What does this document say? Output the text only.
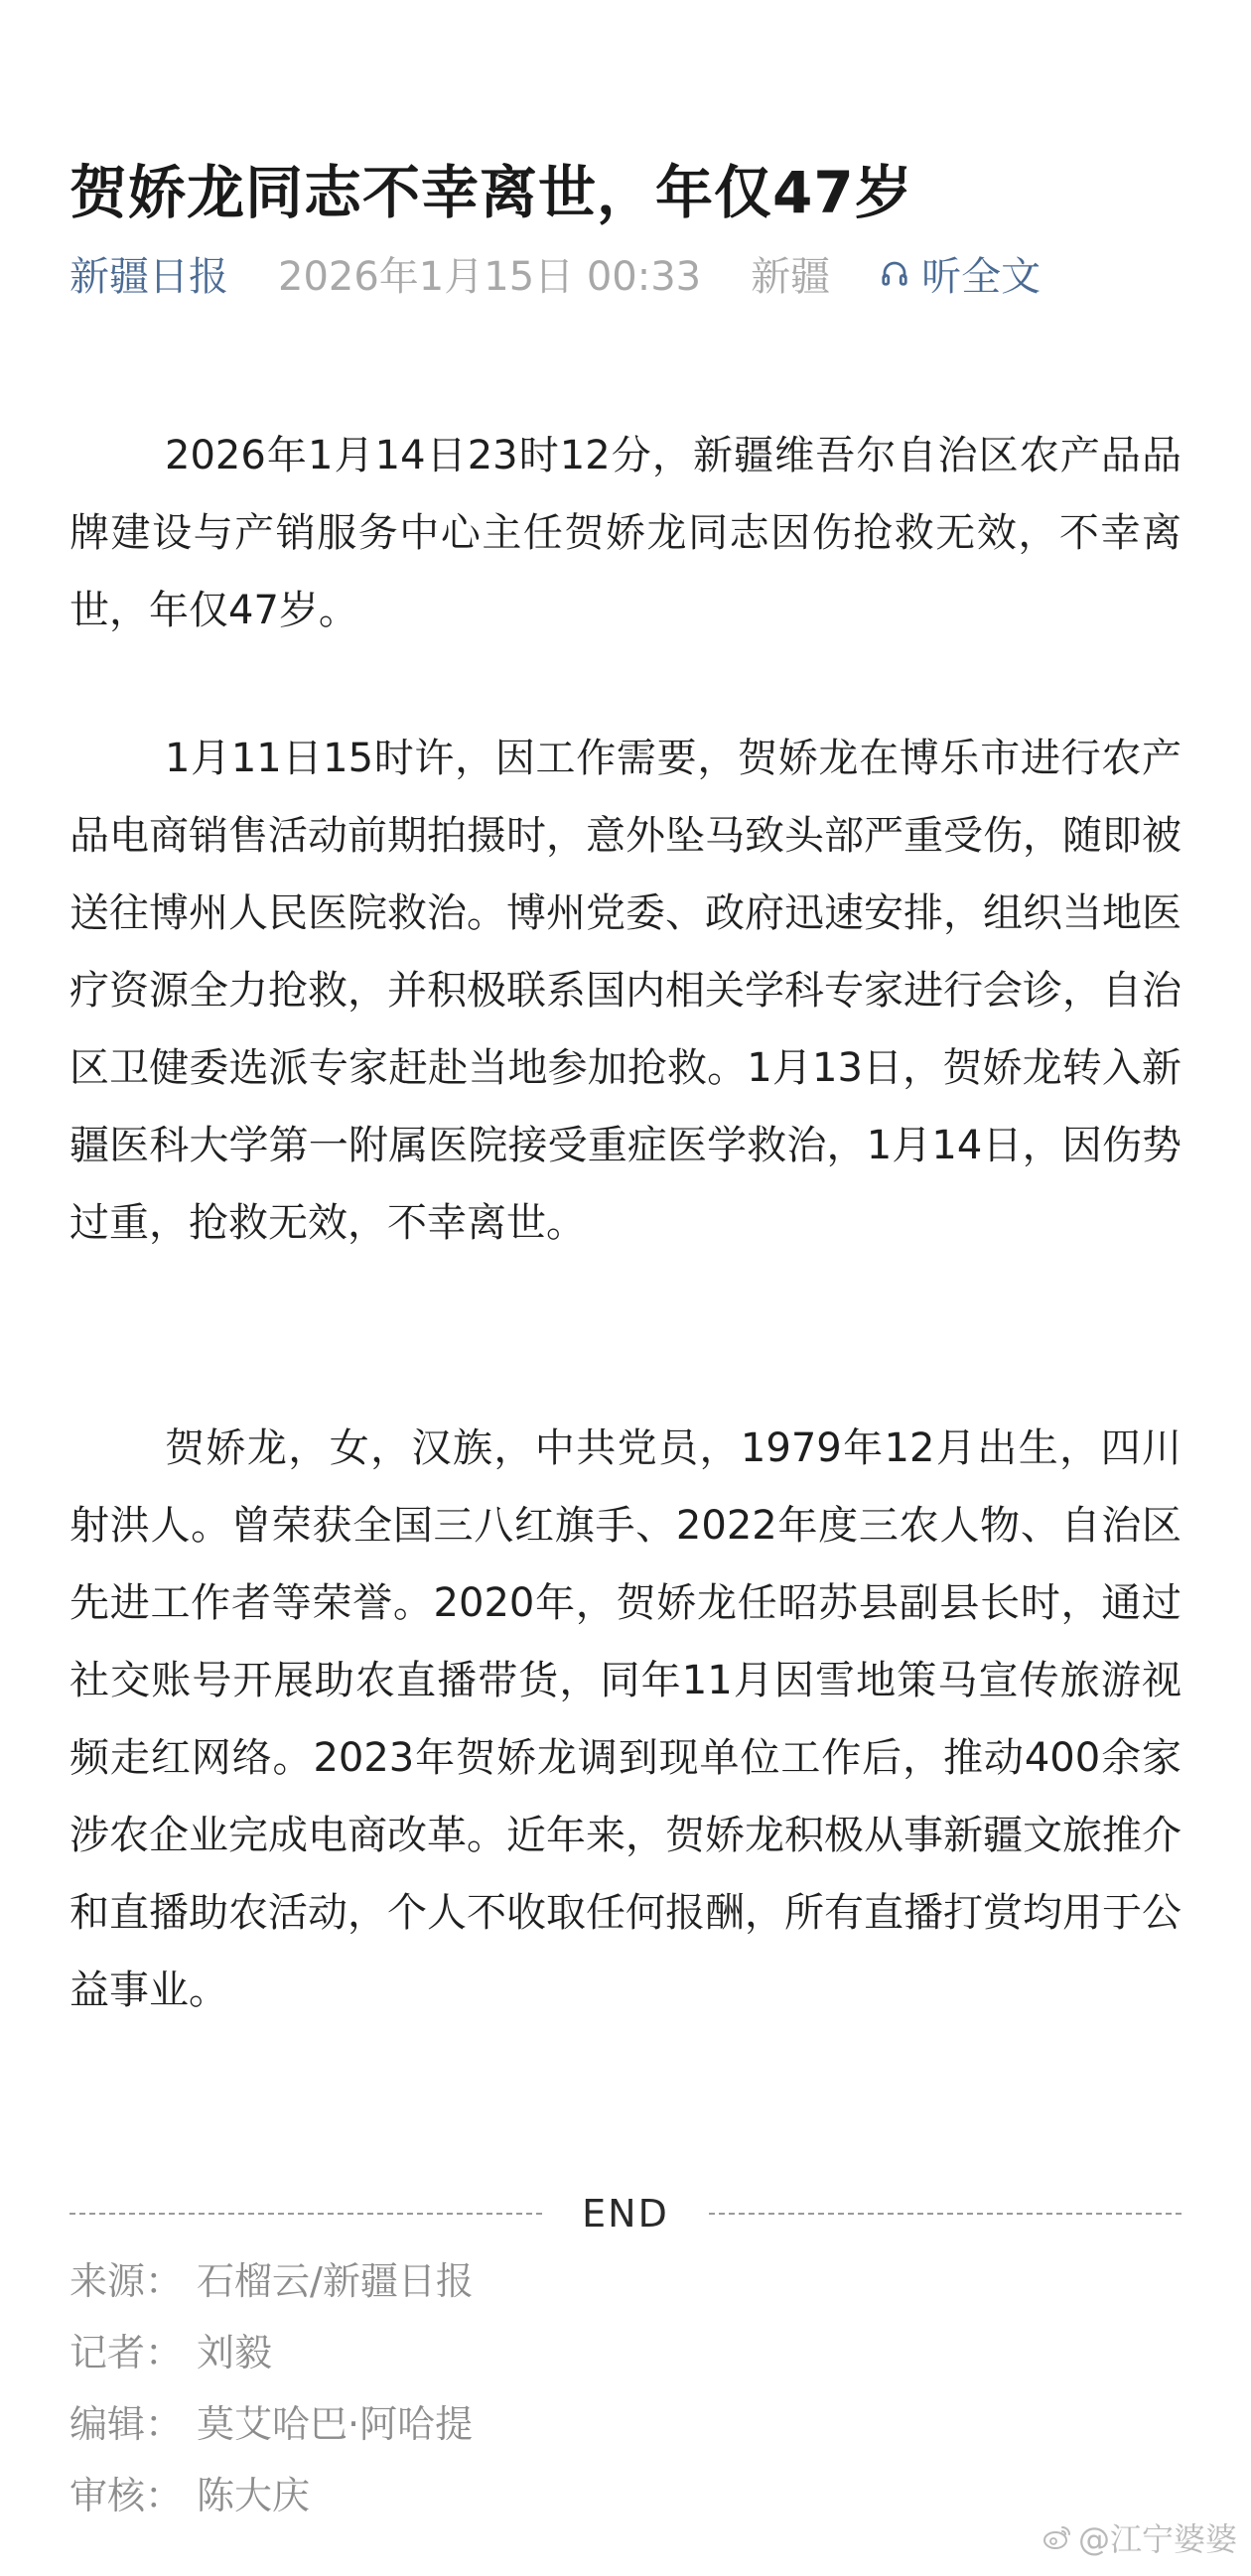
贺娇龙同志不幸离世，年仅47岁
新疆日报 2026年1月15日 00:33 新疆 听全文

2026年1月14日23时12分，新疆维吾尔自治区农产品品牌建设与产销服务中心主任贺娇龙同志因伤抢救无效，不幸离世，年仅47岁。

1月11日15时许，因工作需要，贺娇龙在博乐市进行农产品电商销售活动前期拍摄时，意外坠马致头部严重受伤，随即被送往博州人民医院救治。博州党委、政府迅速安排，组织当地医疗资源全力抢救，并积极联系国内相关学科专家进行会诊，自治区卫健委选派专家赶赴当地参加抢救。1月13日，贺娇龙转入新疆医科大学第一附属医院接受重症医学救治，1月14日，因伤势过重，抢救无效，不幸离世。

贺娇龙，女，汉族，中共党员，1979年12月出生，四川射洪人。曾荣获全国三八红旗手、2022年度三农人物、自治区先进工作者等荣誉。2020年，贺娇龙任昭苏县副县长时，通过社交账号开展助农直播带货，同年11月因雪地策马宣传旅游视频走红网络。2023年贺娇龙调到现单位工作后，推动400余家涉农企业完成电商改革。近年来，贺娇龙积极从事新疆文旅推介和直播助农活动，个人不收取任何报酬，所有直播打赏均用于公益事业。

END
来源： 石榴云/新疆日报
记者： 刘毅
编辑： 莫艾哈巴·阿哈提
审核： 陈大庆
@江宁婆婆
